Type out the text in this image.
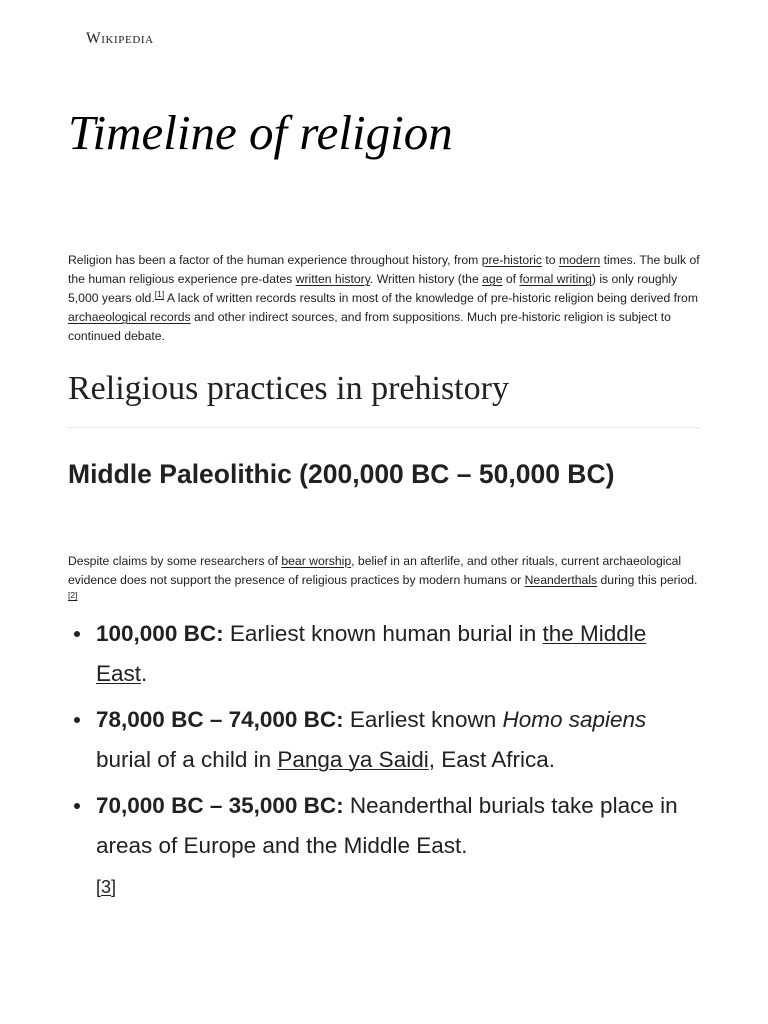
Wikipedia
Timeline of religion

Religion has been a factor of the human experience throughout history, from pre-historic to modern times. The bulk of the human religious experience pre-dates written history. Written history (the age of formal writing) is only roughly 5,000 years old.[1] A lack of written records results in most of the knowledge of pre-historic religion being derived from archaeological records and other indirect sources, and from suppositions. Much pre-historic religion is subject to continued debate.

Religious practices in prehistory
Middle Paleolithic (200,000 BC – 50,000 BC)

Despite claims by some researchers of bear worship, belief in an afterlife, and other rituals, current archaeological evidence does not support the presence of religious practices by modern humans or Neanderthals during this period.[2]

100,000 BC: Earliest known human burial in the Middle East.
78,000 BC – 74,000 BC: Earliest known Homo sapiens burial of a child in Panga ya Saidi, East Africa.
70,000 BC – 35,000 BC: Neanderthal burials take place in areas of Europe and the Middle East.
[3]
